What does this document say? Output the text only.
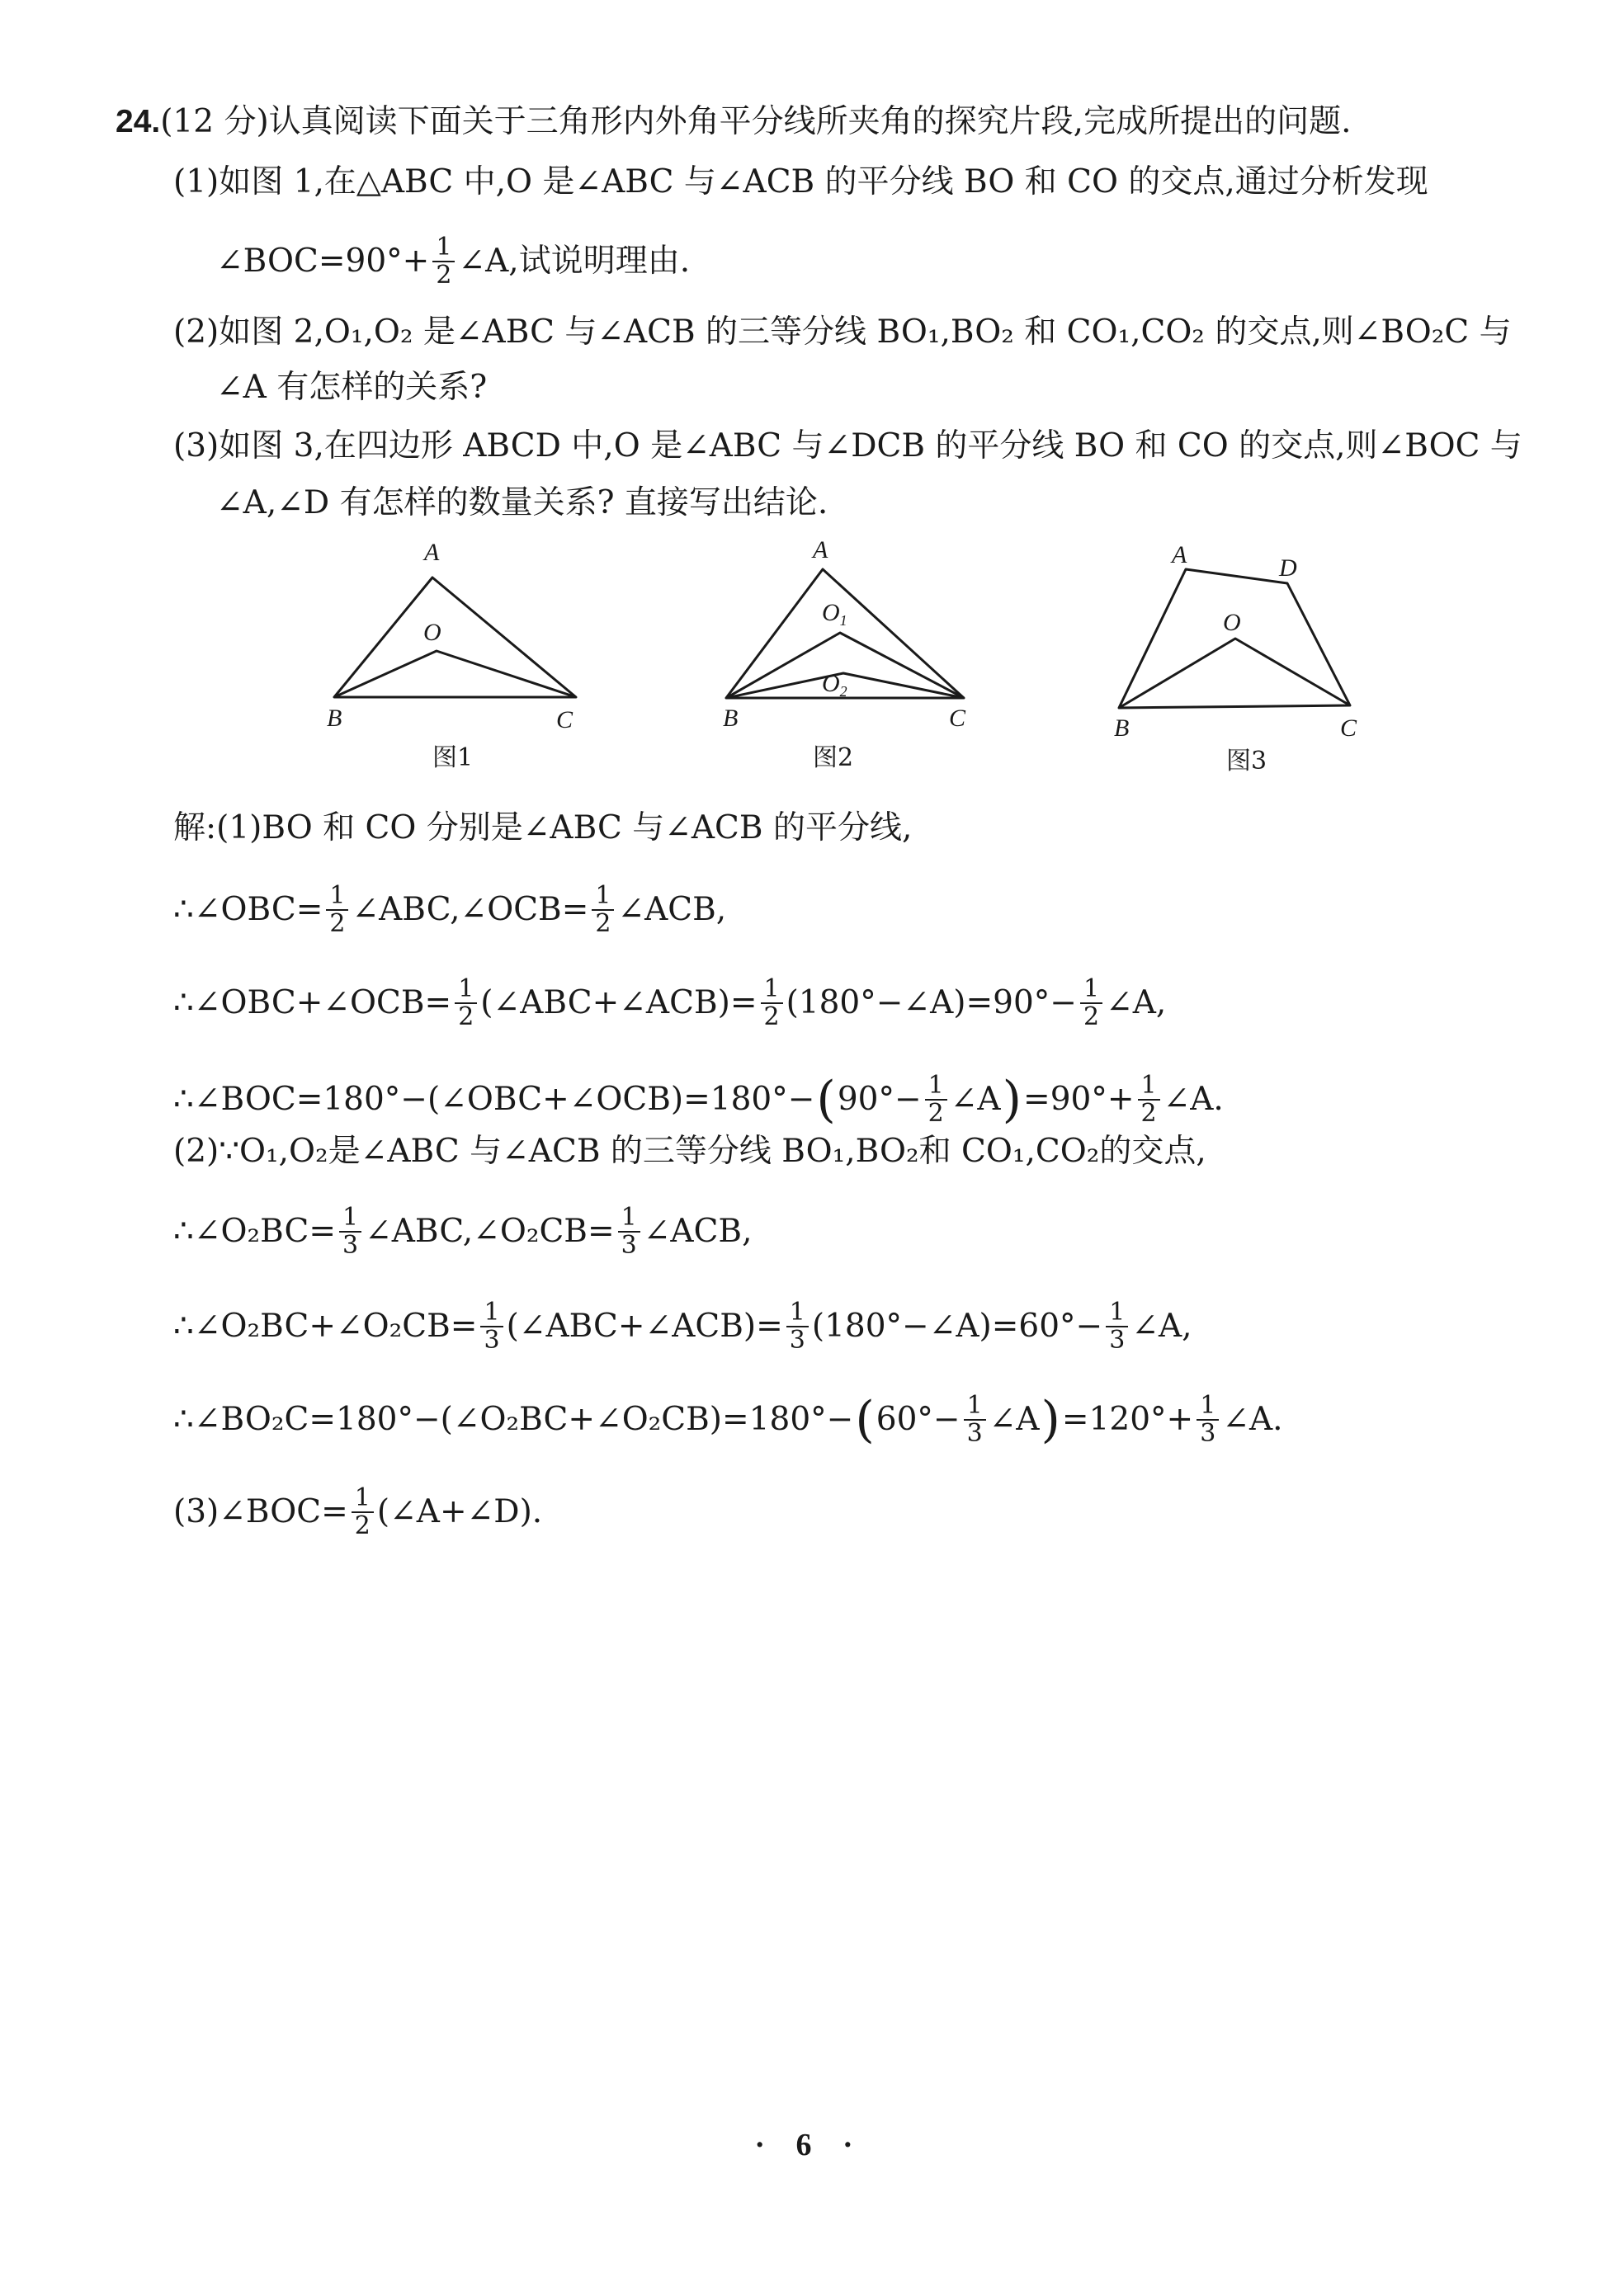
24. (12 分)认真阅读下面关于三角形内外角平分线所夹角的探究片段,完成所提出的问题.
(1)如图 1,在△ABC 中,O 是∠ABC 与∠ACB 的平分线 BO 和 CO 的交点,通过分析发现
∠BOC=90°+ $\frac{1}{2}$ ∠A,试说明理由.
(2)如图 2,O₁,O₂ 是∠ABC 与∠ACB 的三等分线 BO₁,BO₂ 和 CO₁,CO₂ 的交点,则∠BO₂C 与
∠A 有怎样的关系?
(3)如图 3,在四边形 ABCD 中,O 是∠ABC 与∠DCB 的平分线 BO 和 CO 的交点,则∠BOC 与
∠A,∠D 有怎样的数量关系? 直接写出结论.
A
O
B	C
图1
A
$O_1$
$O_2$
B	C
图2
A	D
O
B	C
图3
解:(1)BO 和 CO 分别是∠ABC 与∠ACB 的平分线,
∴∠OBC= $\frac{1}{2}$ ∠ABC,∠OCB= $\frac{1}{2}$ ∠ACB,
∴∠OBC+∠OCB= $\frac{1}{2}$ (∠ABC+∠ACB)= $\frac{1}{2}$ (180°−∠A)=90°− $\frac{1}{2}$ ∠A,
∴∠BOC=180°−(∠OBC+∠OCB)=180°− ( $90^\circ- \frac{1}{2}$ ∠A ) $=90^\circ+ \frac{1}{2}$ ∠A.
(2)∵O₁,O₂是∠ABC 与∠ACB 的三等分线 BO₁,BO₂和 CO₁,CO₂的交点,
∴∠O₂BC= $\frac{1}{3}$ ∠ABC,∠O₂CB= $\frac{1}{3}$ ∠ACB,
∴∠O₂BC+∠O₂CB= $\frac{1}{3}$ (∠ABC+∠ACB)= $\frac{1}{3}$ (180°−∠A)=60°− $\frac{1}{3}$ ∠A,
∴∠BO₂C=180°−(∠O₂BC+∠O₂CB)=180°− ( $60^\circ- \frac{1}{3}$ ∠A ) $=120^\circ+ \frac{1}{3}$ ∠A.
(3)∠BOC= $\frac{1}{2}$ (∠A+∠D).
· 6 ·
